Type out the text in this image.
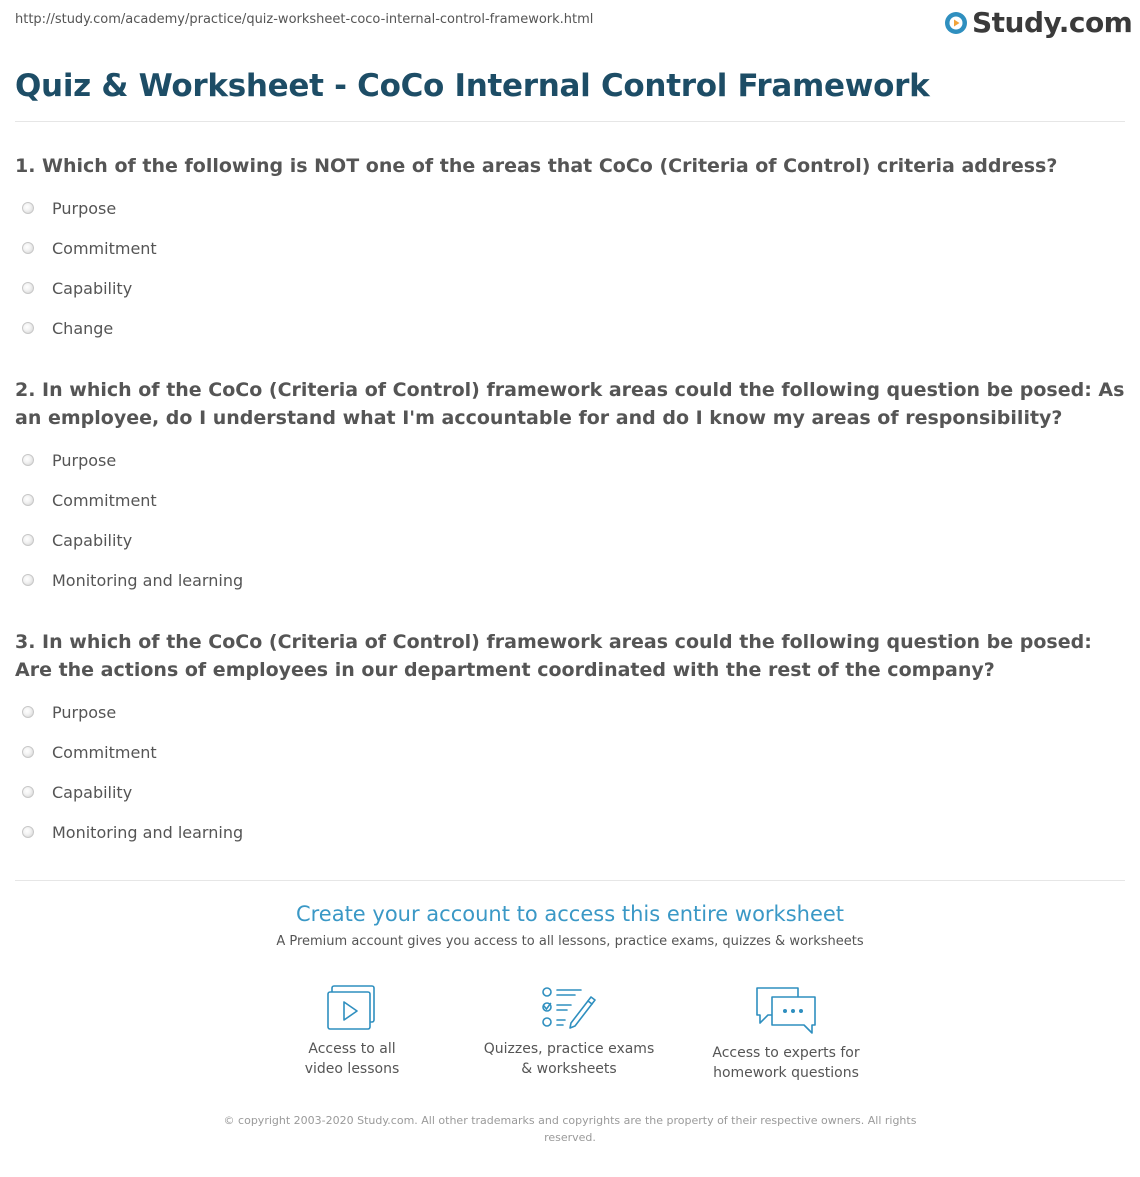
http://study.com/academy/practice/quiz-worksheet-coco-internal-control-framework.html	Study.com
Quiz & Worksheet - CoCo Internal Control Framework

1. Which of the following is NOT one of the areas that CoCo (Criteria of Control) criteria address?

Purpose
Commitment
Capability
Change

2. In which of the CoCo (Criteria of Control) framework areas could the following question be posed: As an employee, do I understand what I'm accountable for and do I know my areas of responsibility?

Purpose
Commitment
Capability
Monitoring and learning

3. In which of the CoCo (Criteria of Control) framework areas could the following question be posed: Are the actions of employees in our department coordinated with the rest of the company?

Purpose
Commitment
Capability
Monitoring and learning
Create your account to access this entire worksheet
A Premium account gives you access to all lessons, practice exams, quizzes & worksheets
Access to all
video lessons
Quizzes, practice exams
& worksheets
Access to experts for
homework questions
© copyright 2003-2020 Study.com. All other trademarks and copyrights are the property of their respective owners. All rights reserved.
